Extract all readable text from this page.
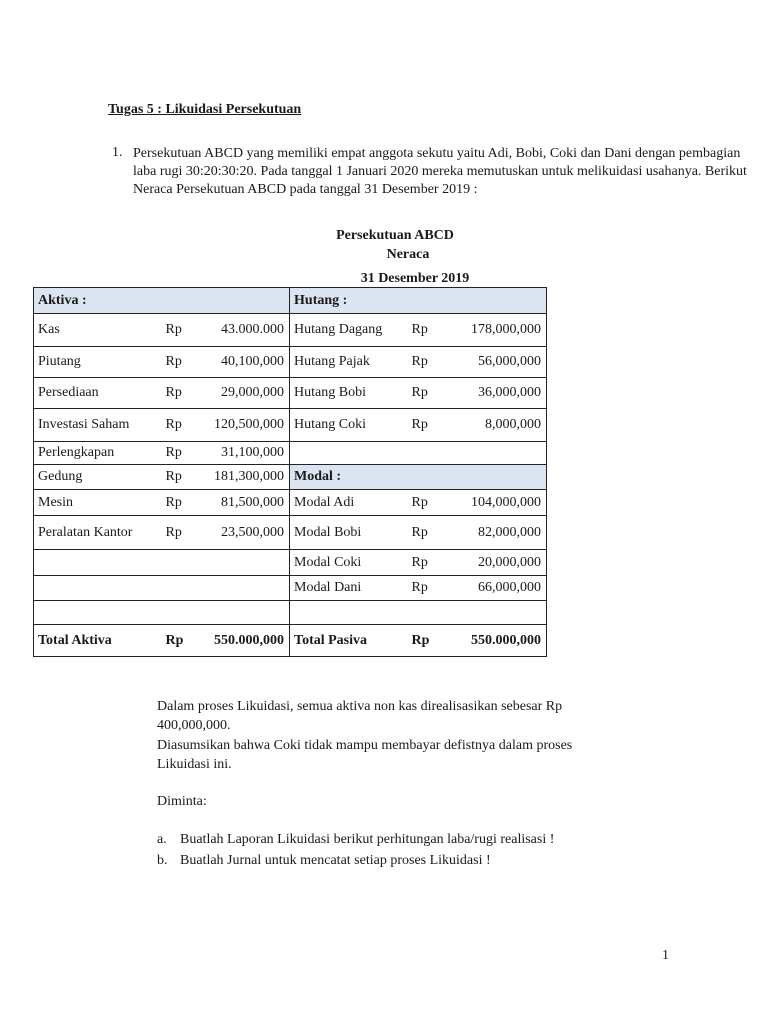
Tugas 5 : Likuidasi Persekutuan
1. Persekutuan ABCD yang memiliki empat anggota sekutu yaitu Adi, Bobi, Coki dan Dani dengan pembagian laba rugi 30:20:30:20. Pada tanggal 1 Januari 2020 mereka memutuskan untuk melikuidasi usahanya. Berikut Neraca Persekutuan ABCD pada tanggal 31 Desember 2019 :
Persekutuan ABCD
Neraca
31 Desember 2019
Aktiva :			Hutang :		
Kas	Rp	43.000.000	Hutang Dagang	Rp	178,000,000
Piutang	Rp	40,100,000	Hutang Pajak	Rp	56,000,000
Persediaan	Rp	29,000,000	Hutang Bobi	Rp	36,000,000
Investasi Saham	Rp	120,500,000	Hutang Coki	Rp	8,000,000
Perlengkapan	Rp	31,100,000			
Gedung	Rp	181,300,000	Modal :		
Mesin	Rp	81,500,000	Modal Adi	Rp	104,000,000
Peralatan Kantor	Rp	23,500,000	Modal Bobi	Rp	82,000,000
			Modal Coki	Rp	20,000,000
			Modal Dani	Rp	66,000,000

Total Aktiva	Rp	550.000,000	Total Pasiva	Rp	550.000,000
Dalam proses Likuidasi, semua aktiva non kas direalisasikan sebesar Rp 400,000,000.
Diasumsikan bahwa Coki tidak mampu membayar defistnya dalam proses Likuidasi ini.
Diminta:
a. Buatlah Laporan Likuidasi berikut perhitungan laba/rugi realisasi !
b. Buatlah Jurnal untuk mencatat setiap proses Likuidasi !
1
